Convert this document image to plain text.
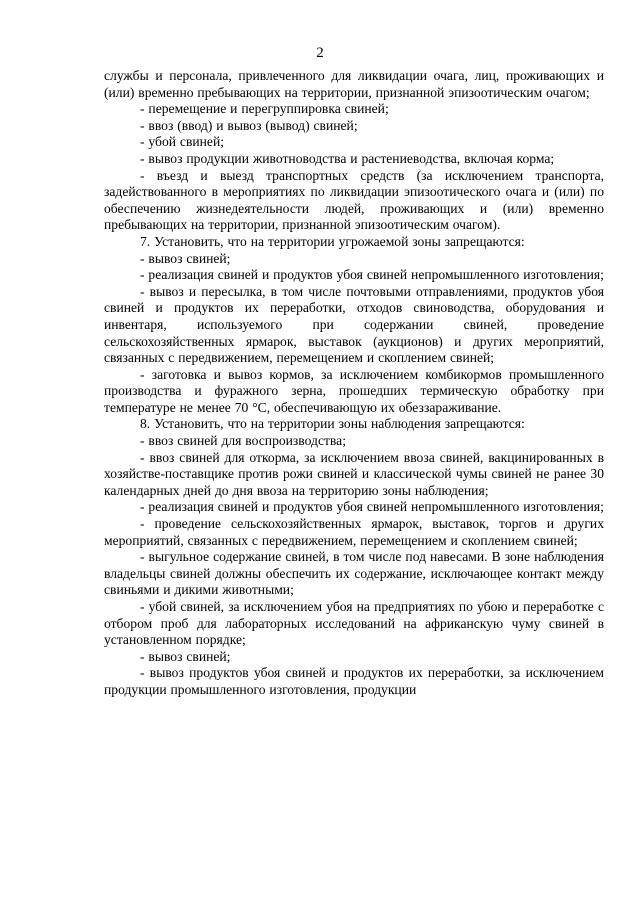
2

службы и персонала, привлеченного для ликвидации очага, лиц, проживающих и (или) временно пребывающих на территории, признанной эпизоотическим очагом;

- перемещение и перегруппировка свиней;

- ввоз (ввод) и вывоз (вывод) свиней;

- убой свиней;

- вывоз продукции животноводства и растениеводства, включая корма;

- въезд и выезд транспортных средств (за исключением транспорта, задействованного в мероприятиях по ликвидации эпизоотического очага и (или) по обеспечению жизнедеятельности людей, проживающих и (или) временно пребывающих на территории, признанной эпизоотическим очагом).

7. Установить, что на территории угрожаемой зоны запрещаются:

- вывоз свиней;

- реализация свиней и продуктов убоя свиней непромышленного изготовления;

- вывоз и пересылка, в том числе почтовыми отправлениями, продуктов убоя свиней и продуктов их переработки, отходов свиноводства, оборудования и инвентаря, используемого при содержании свиней, проведение сельскохозяйственных ярмарок, выставок (аукционов) и других мероприятий, связанных с передвижением, перемещением и скоплением свиней;

- заготовка и вывоз кормов, за исключением комбикормов промышленного производства и фуражного зерна, прошедших термическую обработку при температуре не менее 70 °С, обеспечивающую их обеззараживание.

8. Установить, что на территории зоны наблюдения запрещаются:

- ввоз свиней для воспроизводства;

- ввоз свиней для откорма, за исключением ввоза свиней, вакцинированных в хозяйстве-поставщике против рожи свиней и классической чумы свиней не ранее 30 календарных дней до дня ввоза на территорию зоны наблюдения;

- реализация свиней и продуктов убоя свиней непромышленного изготовления;

- проведение сельскохозяйственных ярмарок, выставок, торгов и других мероприятий, связанных с передвижением, перемещением и скоплением свиней;

- выгульное содержание свиней, в том числе под навесами. В зоне наблюдения владельцы свиней должны обеспечить их содержание, исключающее контакт между свиньями и дикими животными;

- убой свиней, за исключением убоя на предприятиях по убою и переработке с отбором проб для лабораторных исследований на африканскую чуму свиней в установленном порядке;

- вывоз свиней;

- вывоз продуктов убоя свиней и продуктов их переработки, за исключением продукции промышленного изготовления, продукции
